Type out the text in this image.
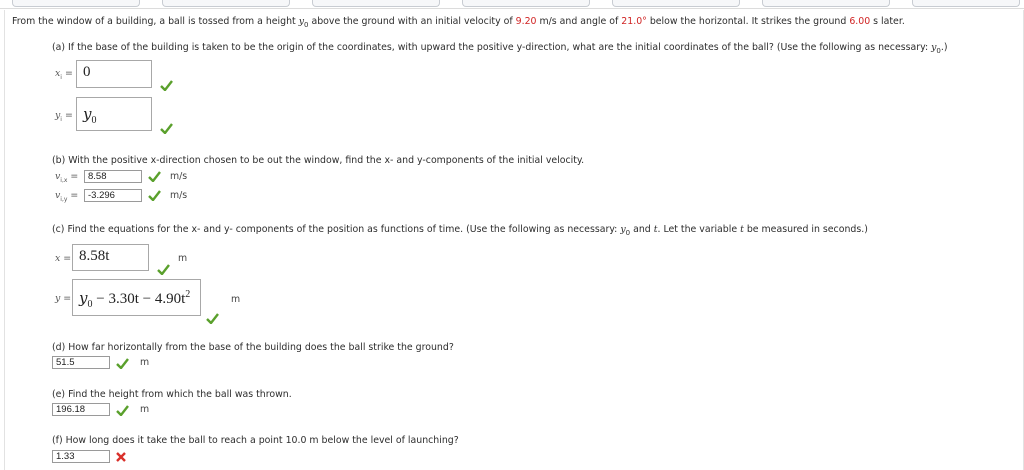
From the window of a building, a ball is tossed from a height $y_0$ above the ground with an initial velocity of 9.20 m/s and angle of 21.0° below the horizontal. It strikes the ground 6.00 s later.
(a) If the base of the building is taken to be the origin of the coordinates, with upward the positive y-direction, what are the initial coordinates of the ball? (Use the following as necessary: $y_0$.)
$x_i = 0$
$y_i = y_0$
(b) With the positive x-direction chosen to be out the window, find the x- and y-components of the initial velocity.
$v_{i,x}$ =	8.58	m/s
$v_{i,y}$ =	-3.296	m/s
(c) Find the equations for the x- and y- components of the position as functions of time. (Use the following as necessary: $y_0$ and t. Let the variable t be measured in seconds.)
x = 8.58t	m
$y = y_0 - 3.30t - 4.90t^2$	m
(d) How far horizontally from the base of the building does the ball strike the ground?
51.5	m
(e) Find the height from which the ball was thrown.
196.18	m
(f) How long does it take the ball to reach a point 10.0 m below the level of launching?
1.33
